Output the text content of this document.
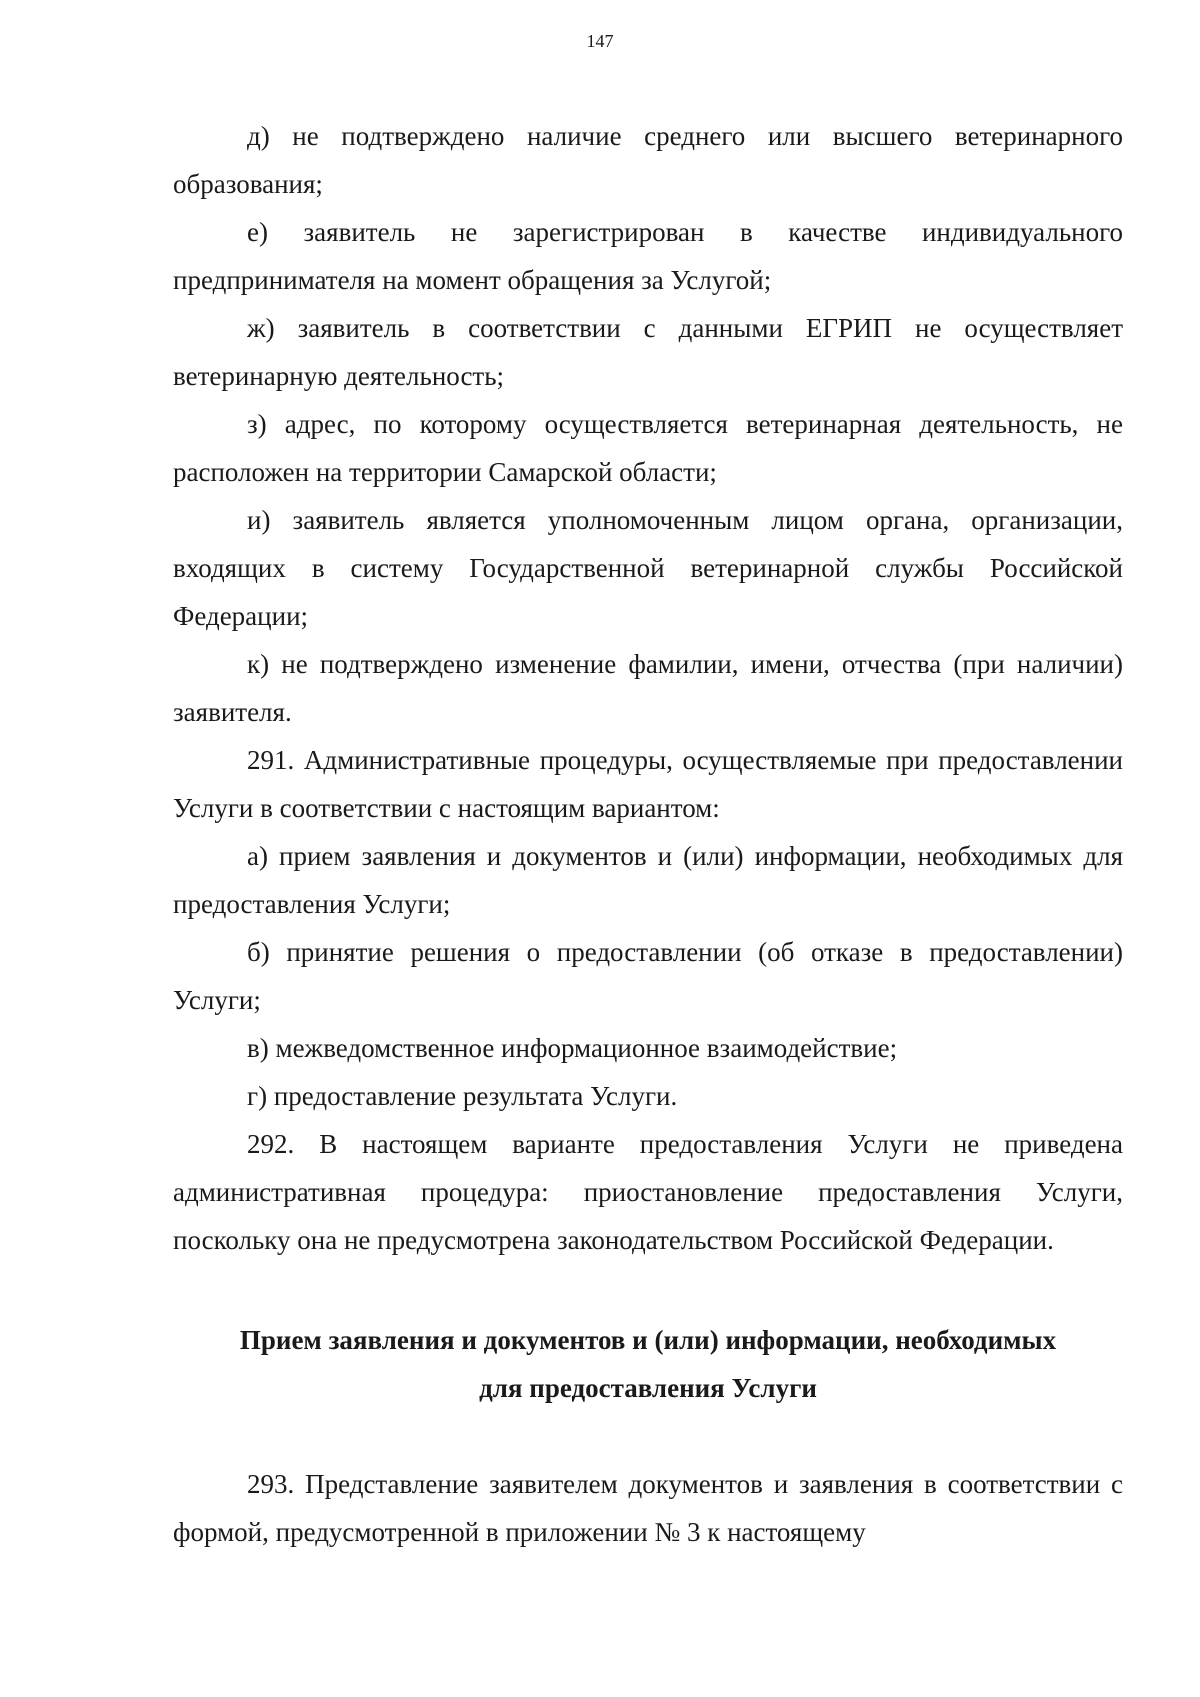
147

д) не подтверждено наличие среднего или высшего ветеринарного образования;

е) заявитель не зарегистрирован в качестве индивидуального предпринимателя на момент обращения за Услугой;

ж) заявитель в соответствии с данными ЕГРИП не осуществляет ветеринарную деятельность;

з) адрес, по которому осуществляется ветеринарная деятельность, не расположен на территории Самарской области;

и) заявитель является уполномоченным лицом органа, организации, входящих в систему Государственной ветеринарной службы Российской Федерации;

к) не подтверждено изменение фамилии, имени, отчества (при наличии) заявителя.

291. Административные процедуры, осуществляемые при предоставлении Услуги в соответствии с настоящим вариантом:

а) прием заявления и документов и (или) информации, необходимых для предоставления Услуги;

б) принятие решения о предоставлении (об отказе в предоставлении) Услуги;

в) межведомственное информационное взаимодействие;

г) предоставление результата Услуги.

292. В настоящем варианте предоставления Услуги не приведена административная процедура: приостановление предоставления Услуги, поскольку она не предусмотрена законодательством Российской Федерации.

Прием заявления и документов и (или) информации, необходимых
для предоставления Услуги

293. Представление заявителем документов и заявления в соответствии с формой, предусмотренной в приложении № 3 к настоящему
